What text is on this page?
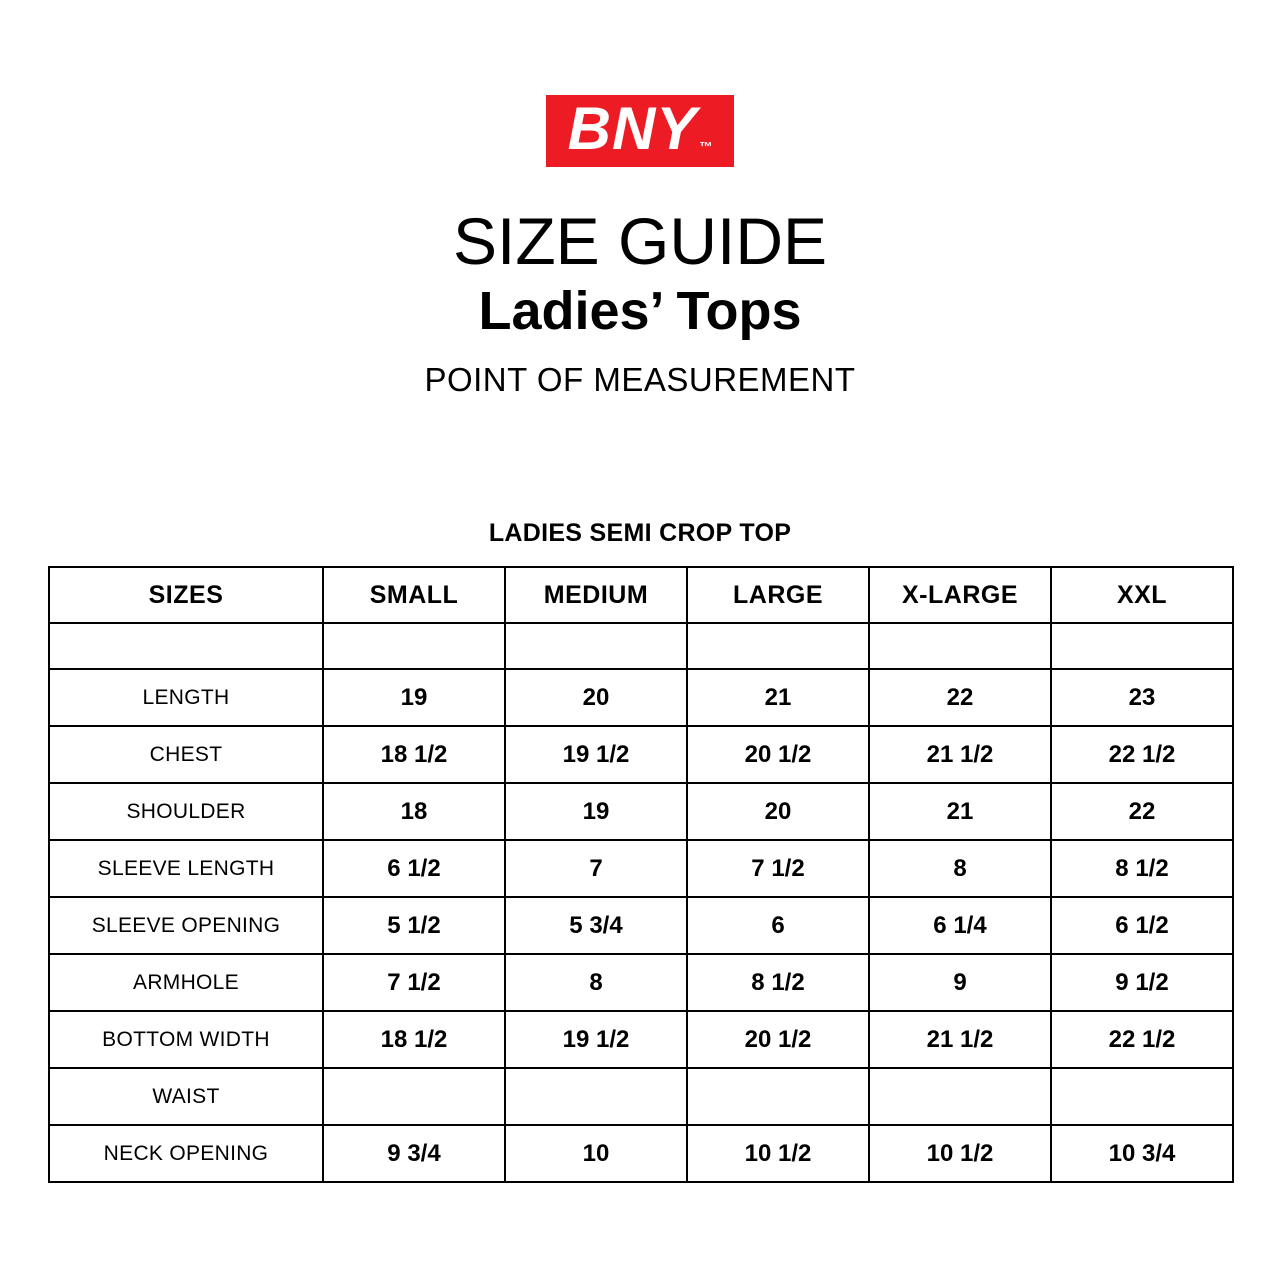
BNY ™
SIZE GUIDE
Ladies’ Tops
POINT OF MEASUREMENT
LADIES SEMI CROP TOP
SIZES	SMALL	MEDIUM	LARGE	X-LARGE	XXL

LENGTH	19	20	21	22	23
CHEST	18 1/2	19 1/2	20 1/2	21 1/2	22 1/2
SHOULDER	18	19	20	21	22
SLEEVE LENGTH	6 1/2	7	7 1/2	8	8 1/2
SLEEVE OPENING	5 1/2	5 3/4	6	6 1/4	6 1/2
ARMHOLE	7 1/2	8	8 1/2	9	9 1/2
BOTTOM WIDTH	18 1/2	19 1/2	20 1/2	21 1/2	22 1/2
WAIST					
NECK OPENING	9 3/4	10	10 1/2	10 1/2	10 3/4
